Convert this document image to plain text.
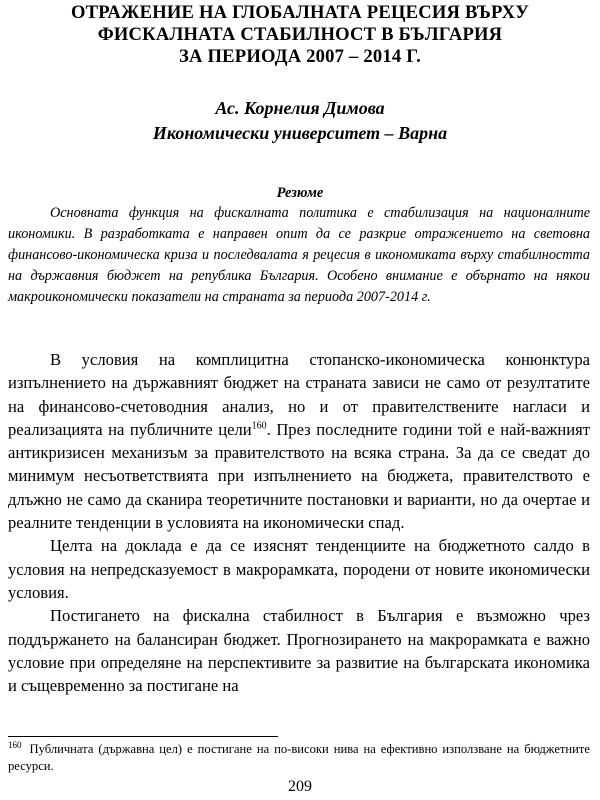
ОТРАЖЕНИЕ НА ГЛОБАЛНАТА РЕЦЕСИЯ ВЪРХУ
ФИСКАЛНАТА СТАБИЛНОСТ В БЪЛГАРИЯ
ЗА ПЕРИОДА 2007 – 2014 Г.
Ас. Корнелия Димова
Икономически университет – Варна
Резюме
Основната функция на фискалната политика е стабилизация на националните икономики. В разработката е направен опит да се разкрие отражението на световна финансово-икономическа криза и последвалата я рецесия в икономиката върху стабилността на държавния бюджет на република България. Особено внимание е обърнато на някои макроикономически показатели на страната за периода 2007-2014 г.

В условия на комплицитна стопанско-икономическа конюнктура изпълнението на държавният бюджет на страната зависи не само от резултатите на финансово-счетоводния анализ, но и от правителствените нагласи и реализацията на публичните цели$^{160}$. През последните години той е най-важният антикризисен механизъм за правителството на всяка страна. За да се сведат до минимум несъответствията при изпълнението на бюджета, правителството е длъжно не само да сканира теоретичните постановки и варианти, но да очертае и реалните тенденции в условията на икономически спад.

Целта на доклада е да се изяснят тенденциите на бюджетното салдо в условия на непредсказуемост в макрорамката, породени от новите икономически условия.

Постигането на фискална стабилност в България е възможно чрез поддържането на балансиран бюджет. Прогнозирането на макрорамката е важно условие при определяне на перспективите за развитие на българската икономика и същевременно за постигане на

$^{160}$ Публичната (държавна цел) е постигане на по-високи нива на ефективно използване на бюджетните ресурси.
209
